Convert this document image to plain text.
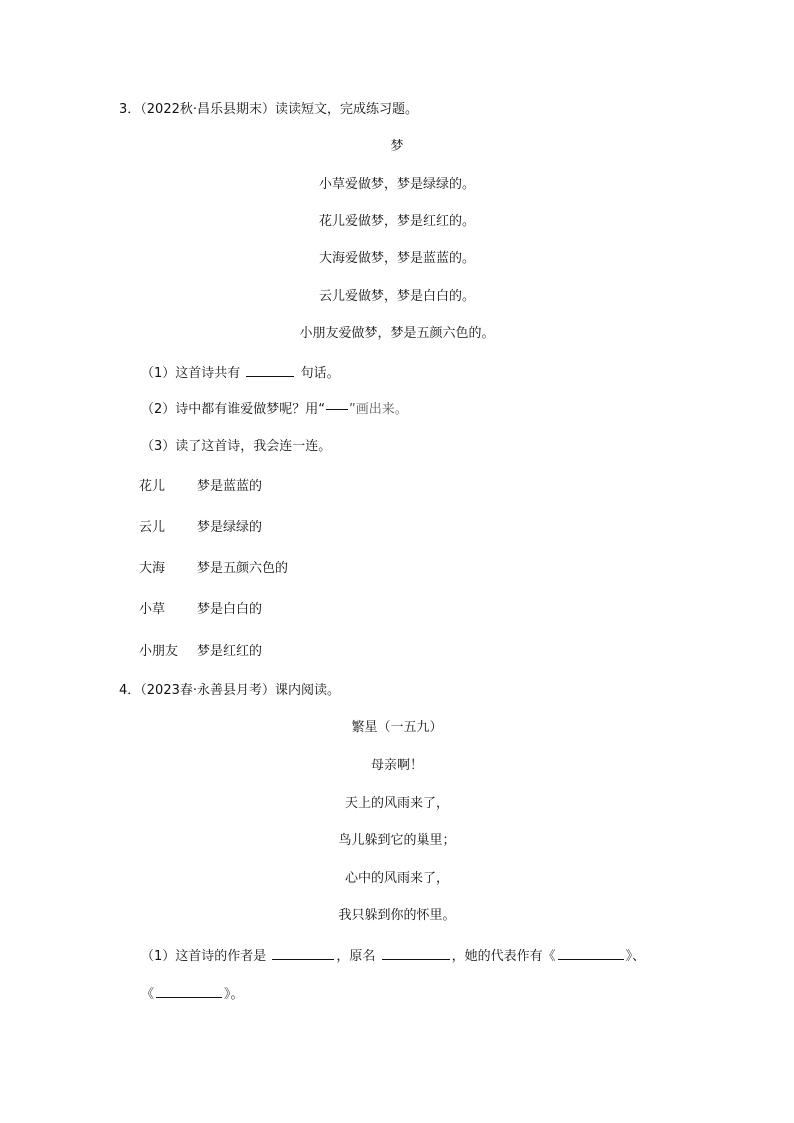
3．（2022秋·昌乐县期末）读读短文，完成练习题。
梦
小草爱做梦，梦是绿绿的。
花儿爱做梦，梦是红红的。
大海爱做梦，梦是蓝蓝的。
云儿爱做梦，梦是白白的。
小朋友爱做梦，梦是五颜六色的。
（1）这首诗共有	句话。
（2）诗中都有谁爱做梦呢？用“ ”画出来。
（3）读了这首诗，我会连一连。
花儿 梦是蓝蓝的
云儿 梦是绿绿的
大海 梦是五颜六色的
小草 梦是白白的
小朋友 梦是红红的
4．（2023春·永善县月考）课内阅读。
繁星（一五九）
母亲啊！
天上的风雨来了，
鸟儿躲到它的巢里；
心中的风雨来了，
我只躲到你的怀里。
（1）这首诗的作者是	，原名	，她的代表作有《	》、
《	》。
